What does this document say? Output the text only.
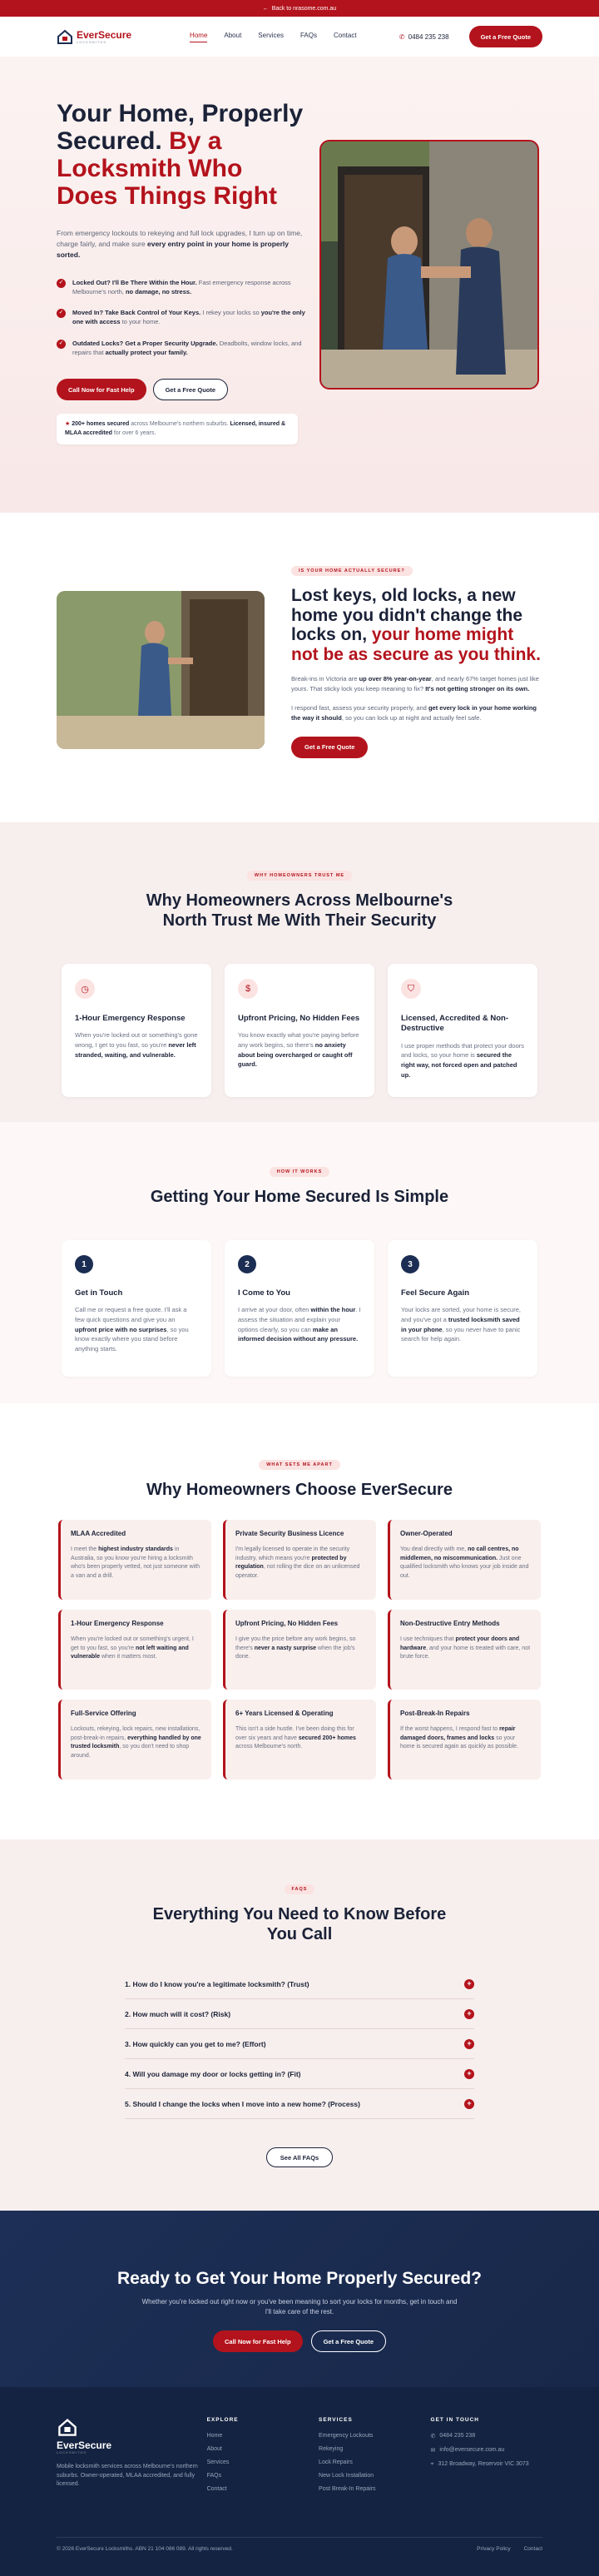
← Back to nrasome.com.au
EverSecure
LOCKSMITHS
Home	About	Services	FAQs	Contact	✆ 0484 235 238	Get a Free Quote
Your Home, Properly Secured. By a Locksmith Who Does Things Right

From emergency lockouts to rekeying and full lock upgrades, I turn up on time, charge fairly, and make sure every entry point in your home is properly sorted.

✓	Locked Out? I'll Be There Within the Hour. Fast emergency response across Melbourne's north, no damage, no stress.
✓	Moved In? Take Back Control of Your Keys. I rekey your locks so you're the only one with access to your home.
✓	Outdated Locks? Get a Proper Security Upgrade. Deadbolts, window locks, and repairs that actually protect your family.
Call Now for Fast Help	Get a Free Quote
★ 200+ homes secured across Melbourne's northern suburbs. Licensed, insured & MLAA accredited for over 6 years.
IS YOUR HOME ACTUALLY SECURE?
Lost keys, old locks, a new home you didn't change the locks on, your home might not be as secure as you think.

Break-ins in Victoria are up over 8% year-on-year, and nearly 67% target homes just like yours. That sticky lock you keep meaning to fix? It's not getting stronger on its own.

I respond fast, assess your security properly, and get every lock in your home working the way it should, so you can lock up at night and actually feel safe.

Get a Free Quote
WHY HOMEOWNERS TRUST ME
Why Homeowners Across Melbourne's North Trust Me With Their Security
◷
1-Hour Emergency Response

When you're locked out or something's gone wrong, I get to you fast, so you're never left stranded, waiting, and vulnerable.

$
Upfront Pricing, No Hidden Fees

You know exactly what you're paying before any work begins, so there's no anxiety about being overcharged or caught off guard.

⛉
Licensed, Accredited & Non-Destructive

I use proper methods that protect your doors and locks, so your home is secured the right way, not forced open and patched up.

HOW IT WORKS
Getting Your Home Secured Is Simple
1
Get in Touch

Call me or request a free quote. I'll ask a few quick questions and give you an upfront price with no surprises, so you know exactly where you stand before anything starts.

2
I Come to You

I arrive at your door, often within the hour. I assess the situation and explain your options clearly, so you can make an informed decision without any pressure.

3
Feel Secure Again

Your locks are sorted, your home is secure, and you've got a trusted locksmith saved in your phone, so you never have to panic search for help again.

WHAT SETS ME APART
Why Homeowners Choose EverSecure
MLAA Accredited

I meet the highest industry standards in Australia, so you know you're hiring a locksmith who's been properly vetted, not just someone with a van and a drill.

Private Security Business Licence

I'm legally licensed to operate in the security industry, which means you're protected by regulation, not rolling the dice on an unlicensed operator.

Owner-Operated

You deal directly with me, no call centres, no middlemen, no miscommunication. Just one qualified locksmith who knows your job inside and out.

1-Hour Emergency Response

When you're locked out or something's urgent, I get to you fast, so you're not left waiting and vulnerable when it matters most.

Upfront Pricing, No Hidden Fees

I give you the price before any work begins, so there's never a nasty surprise when the job's done.

Non-Destructive Entry Methods

I use techniques that protect your doors and hardware, and your home is treated with care, not brute force.

Full-Service Offering

Lockouts, rekeying, lock repairs, new installations, post-break-in repairs, everything handled by one trusted locksmith, so you don't need to shop around.

6+ Years Licensed & Operating

This isn't a side hustle. I've been doing this for over six years and have secured 200+ homes across Melbourne's north.

Post-Break-In Repairs

If the worst happens, I respond fast to repair damaged doors, frames and locks so your home is secured again as quickly as possible.

FAQS
Everything You Need to Know Before You Call
1. How do I know you're a legitimate locksmith? (Trust)	+
2. How much will it cost? (Risk)	+
3. How quickly can you get to me? (Effort)	+
4. Will you damage my door or locks getting in? (Fit)	+
5. Should I change the locks when I move into a new home? (Process)	+
See All FAQs
Ready to Get Your Home Properly Secured?

Whether you're locked out right now or you've been meaning to sort your locks for months, get in touch and I'll take care of the rest.

Call Now for Fast Help	Get a Free Quote
EverSecure
LOCKSMITHS

Mobile locksmith services across Melbourne's northern suburbs. Owner-operated, MLAA accredited, and fully licensed.

EXPLORE
Home
About
Services
FAQs
Contact
SERVICES
Emergency Lockouts
Rekeying
Lock Repairs
New Lock Installation
Post Break-In Repairs
GET IN TOUCH
✆ 0484 235 238
✉ info@eversecure.com.au
⌖ 312 Broadway, Reservoir VIC 3073
© 2026 EverSecure Locksmiths. ABN 21 104 086 089. All rights reserved.	Privacy Policy Contact
